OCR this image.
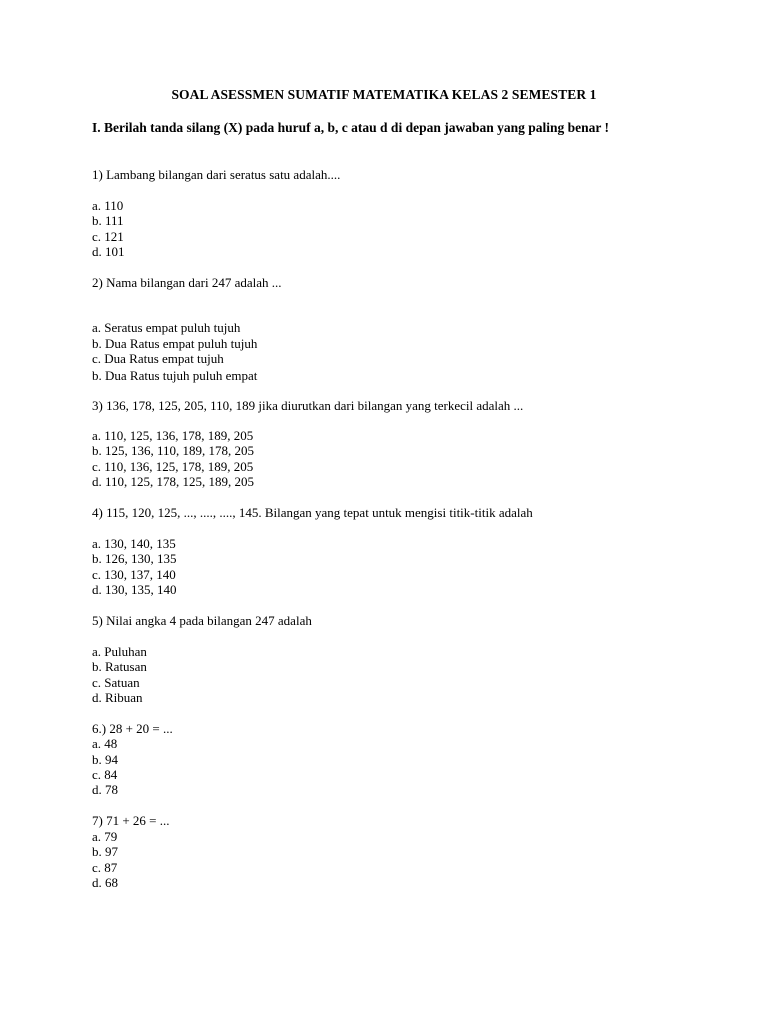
SOAL ASESSMEN SUMATIF MATEMATIKA KELAS 2 SEMESTER 1
I. Berilah tanda silang (X) pada huruf a, b, c atau d di depan jawaban yang paling benar !
1) Lambang bilangan dari seratus satu adalah....
a. 110
b. 111
c. 121
d. 101
2) Nama bilangan dari 247 adalah ...
a. Seratus empat puluh tujuh
b. Dua Ratus empat puluh tujuh
c. Dua Ratus empat tujuh
b. Dua Ratus tujuh puluh empat
3) 136, 178, 125, 205, 110, 189 jika diurutkan dari bilangan yang terkecil adalah ...
a. 110, 125, 136, 178, 189, 205
b. 125, 136, 110, 189, 178, 205
c. 110, 136, 125, 178, 189, 205
d. 110, 125, 178, 125, 189, 205
4) 115, 120, 125, ..., ...., ...., 145. Bilangan yang tepat untuk mengisi titik-titik adalah
a. 130, 140, 135
b. 126, 130, 135
c. 130, 137, 140
d. 130, 135, 140
5) Nilai angka 4 pada bilangan 247 adalah
a. Puluhan
b. Ratusan
c. Satuan
d. Ribuan
6.) 28 + 20 = ...
a. 48
b. 94
c. 84
d. 78
7) 71 + 26 = ...
a. 79
b. 97
c. 87
d. 68
